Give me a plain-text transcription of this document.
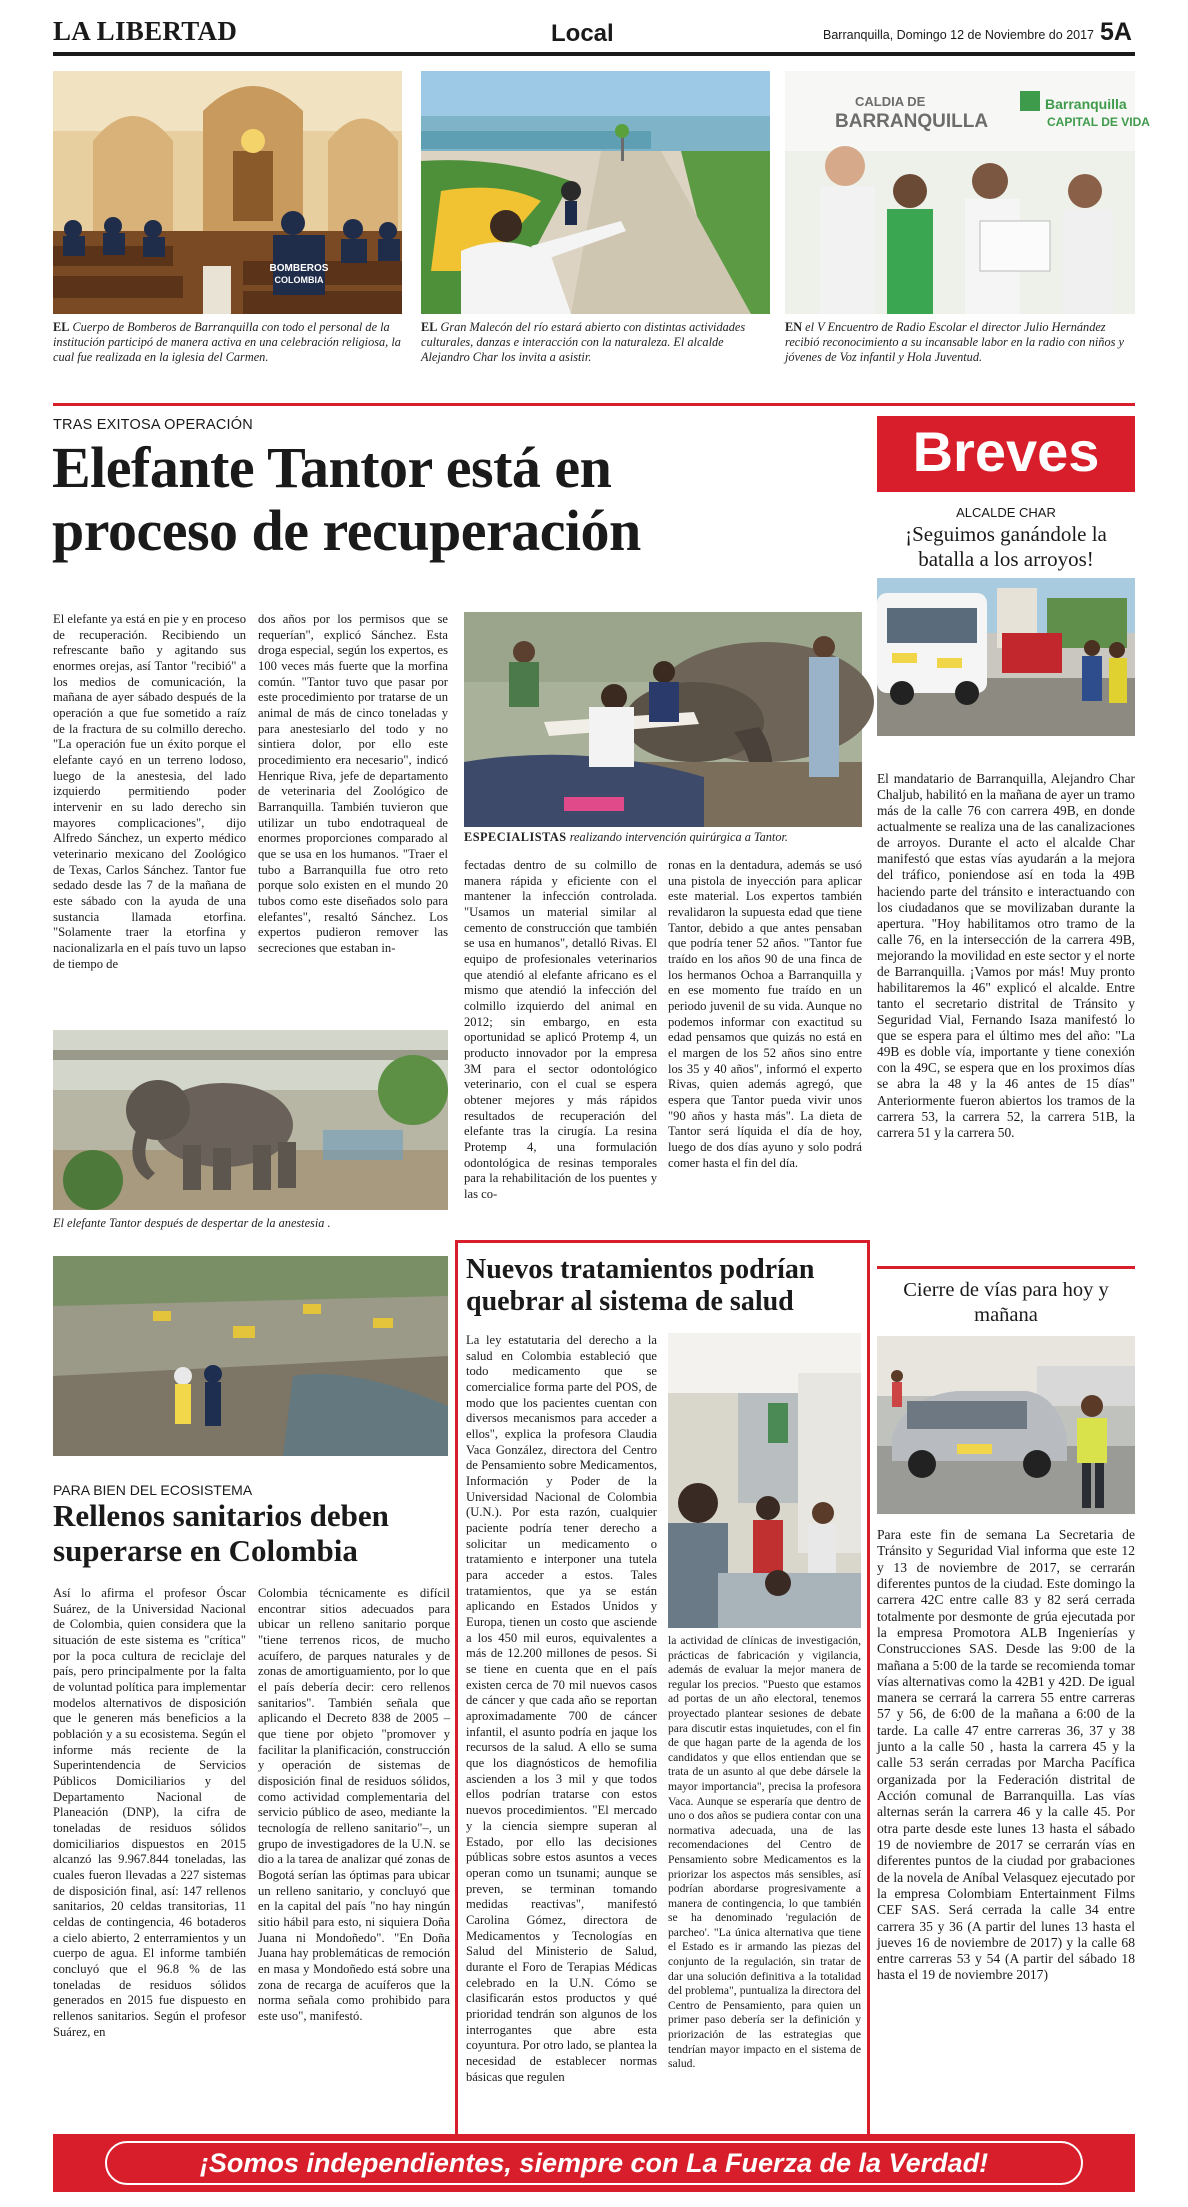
LA LIBERTAD	Local	Barranquilla, Domingo 12 de Noviembre do 2017 5A
BOMBEROS
COLOMBIA
CALDIA DE
BARRANQUILLA
Barranquilla
CAPITAL DE VIDA

EL Cuerpo de Bomberos de Barranquilla con todo el personal de la institución participó de manera activa en una celebración religiosa, la cual fue realizada en la iglesia del Carmen.

EL Gran Malecón del río estará abierto con distintas actividades culturales, danzas e interacción con la naturaleza. El alcalde Alejandro Char los invita a asistir.

EN el V Encuentro de Radio Escolar el director Julio Hernández recibió reconocimiento a su incansable labor en la radio con niños y jóvenes de Voz infantil y Hola Juventud.

TRAS EXITOSA OPERACIÓN
Elefante Tantor está en
proceso de recuperación

El elefante ya está en pie y en proceso de recuperación. Recibiendo un refrescante baño y agitando sus enormes orejas, así Tantor "recibió" a los medios de comunicación, la mañana de ayer sábado después de la operación a que fue sometido a raíz de la fractura de su colmillo derecho. "La operación fue un éxito porque el elefante cayó en un terreno lodoso, luego de la anestesia, del lado izquierdo permitiendo poder intervenir en su lado derecho sin mayores complicaciones", dijo Alfredo Sánchez, un experto médico veterinario mexicano del Zoológico de Texas, Carlos Sánchez. Tantor fue sedado desde las 7 de la mañana de este sábado con la ayuda de una sustancia llamada etorfina. "Solamente traer la etorfina y nacionalizarla en el país tuvo un lapso de tiempo de

dos años por los permisos que se requerían", explicó Sánchez. Esta droga especial, según los expertos, es 100 veces más fuerte que la morfina común. "Tantor tuvo que pasar por este procedimiento por tratarse de un animal de más de cinco toneladas y para anestesiarlo del todo y no sintiera dolor, por ello este procedimiento era necesario", indicó Henrique Riva, jefe de departamento de veterinaria del Zoológico de Barranquilla. También tuvieron que utilizar un tubo endotraqueal de enormes proporciones comparado al que se usa en los humanos. "Traer el tubo a Barranquilla fue otro reto porque solo existen en el mundo 20 tubos como este diseñados solo para elefantes", resaltó Sánchez. Los expertos pudieron remover las secreciones que estaban in-

ESPECIALISTAS realizando intervención quirúrgica a Tantor.

fectadas dentro de su colmillo de manera rápida y eficiente con el mantener la infección controlada. "Usamos un material similar al cemento de construcción que también se usa en humanos", detalló Rivas. El equipo de profesionales veterinarios que atendió al elefante africano es el mismo que atendió la infección del colmillo izquierdo del animal en 2012; sin embargo, en esta oportunidad se aplicó Protemp 4, un producto innovador por la empresa 3M para el sector odontológico veterinario, con el cual se espera obtener mejores y más rápidos resultados de recuperación del elefante tras la cirugía. La resina Protemp 4, una formulación odontológica de resinas temporales para la rehabilitación de los puentes y las co-

ronas en la dentadura, además se usó una pistola de inyección para aplicar este material. Los expertos también revalidaron la supuesta edad que tiene Tantor, debido a que antes pensaban que podría tener 52 años. "Tantor fue traído en los años 90 de una finca de los hermanos Ochoa a Barranquilla y en ese momento fue traído en un periodo juvenil de su vida. Aunque no podemos informar con exactitud su edad pensamos que quizás no está en el margen de los 52 años sino entre los 35 y 40 años", informó el experto Rivas, quien además agregó, que espera que Tantor pueda vivir unos "90 años y hasta más". La dieta de Tantor será líquida el día de hoy, luego de dos días ayuno y solo podrá comer hasta el fin del día.

El elefante Tantor después de despertar de la anestesia .

Breves
ALCALDE CHAR
¡Seguimos ganándole la batalla a los arroyos!

El mandatario de Barranquilla, Alejandro Char Chaljub, habilitó en la mañana de ayer un tramo más de la calle 76 con carrera 49B, en donde actualmente se realiza una de las canalizaciones de arroyos. Durante el acto el alcalde Char manifestó que estas vías ayudarán a la mejora del tráfico, poniendose así en toda la 49B haciendo parte del tránsito e interactuando con los ciudadanos que se movilizaban durante la apertura. "Hoy habilitamos otro tramo de la calle 76, en la intersección de la carrera 49B, mejorando la movilidad en este sector y el norte de Barranquilla. ¡Vamos por más! Muy pronto habilitaremos la 46" explicó el alcalde. Entre tanto el secretario distrital de Tránsito y Seguridad Vial, Fernando Isaza manifestó lo que se espera para el último mes del año: "La 49B es doble vía, importante y tiene conexión con la 49C, se espera que en los proximos días se abra la 48 y la 46 antes de 15 días" Anteriormente fueron abiertos los tramos de la carrera 53, la carrera 52, la carrera 51B, la carrera 51 y la carrera 50.

Cierre de vías para hoy y mañana

Para este fin de semana La Secretaria de Tránsito y Seguridad Vial informa que este 12 y 13 de noviembre de 2017, se cerrarán diferentes puntos de la ciudad. Este domingo la carrera 42C entre calle 83 y 82 será cerrada totalmente por desmonte de grúa ejecutada por la empresa Promotora ALB Ingenierías y Construcciones SAS. Desde las 9:00 de la mañana a 5:00 de la tarde se recomienda tomar vías alternativas como la 42B1 y 42D. De igual manera se cerrará la carrera 55 entre carreras 57 y 56, de 6:00 de la mañana a 6:00 de la tarde. La calle 47 entre carreras 36, 37 y 38 junto a la calle 50 , hasta la carrera 45 y la calle 53 serán cerradas por Marcha Pacífica organizada por la Federación distrital de Acción comunal de Barranquilla. Las vías alternas serán la carrera 46 y la calle 45. Por otra parte desde este lunes 13 hasta el sábado 19 de noviembre de 2017 se cerrarán vías en diferentes puntos de la ciudad por grabaciones de la novela de Aníbal Velasquez ejecutado por la empresa Colombiam Entertainment Films CEF SAS. Será cerrada la calle 34 entre carrera 35 y 36 (A partir del lunes 13 hasta el jueves 16 de noviembre de 2017) y la calle 68 entre carreras 53 y 54 (A partir del sábado 18 hasta el 19 de noviembre 2017)

PARA BIEN DEL ECOSISTEMA
Rellenos sanitarios deben superarse en Colombia

Así lo afirma el profesor Óscar Suárez, de la Universidad Nacional de Colombia, quien considera que la situación de este sistema es "crítica" por la poca cultura de reciclaje del país, pero principalmente por la falta de voluntad política para implementar modelos alternativos de disposición que le generen más beneficios a la población y a su ecosistema. Según el informe más reciente de la Superintendencia de Servicios Públicos Domiciliarios y del Departamento Nacional de Planeación (DNP), la cifra de toneladas de residuos sólidos domiciliarios dispuestos en 2015 alcanzó las 9.967.844 toneladas, las cuales fueron llevadas a 227 sistemas de disposición final, así: 147 rellenos sanitarios, 20 celdas transitorias, 11 celdas de contingencia, 46 botaderos a cielo abierto, 2 enterramientos y un cuerpo de agua. El informe también concluyó que el 96.8 % de las toneladas de residuos sólidos generados en 2015 fue dispuesto en rellenos sanitarios. Según el profesor Suárez, en

Colombia técnicamente es difícil encontrar sitios adecuados para ubicar un relleno sanitario porque "tiene terrenos ricos, de mucho acuífero, de parques naturales y de zonas de amortiguamiento, por lo que el país debería decir: cero rellenos sanitarios". También señala que aplicando el Decreto 838 de 2005 –que tiene por objeto "promover y facilitar la planificación, construcción y operación de sistemas de disposición final de residuos sólidos, como actividad complementaria del servicio público de aseo, mediante la tecnología de relleno sanitario"–, un grupo de investigadores de la U.N. se dio a la tarea de analizar qué zonas de Bogotá serían las óptimas para ubicar un relleno sanitario, y concluyó que en la capital del país "no hay ningún sitio hábil para esto, ni siquiera Doña Juana ni Mondoñedo". "En Doña Juana hay problemáticas de remoción en masa y Mondoñedo está sobre una zona de recarga de acuíferos que la norma señala como prohibido para este uso", manifestó.

Nuevos tratamientos podrían quebrar al sistema de salud

La ley estatutaria del derecho a la salud en Colombia estableció que todo medicamento que se comercialice forma parte del POS, de modo que los pacientes cuentan con diversos mecanismos para acceder a ellos", explica la profesora Claudia Vaca González, directora del Centro de Pensamiento sobre Medicamentos, Información y Poder de la Universidad Nacional de Colombia (U.N.). Por esta razón, cualquier paciente podría tener derecho a solicitar un medicamento o tratamiento e interponer una tutela para acceder a estos. Tales tratamientos, que ya se están aplicando en Estados Unidos y Europa, tienen un costo que asciende a los 450 mil euros, equivalentes a más de 12.200 millones de pesos. Si se tiene en cuenta que en el país existen cerca de 70 mil nuevos casos de cáncer y que cada año se reportan aproximadamente 700 de cáncer infantil, el asunto podría en jaque los recursos de la salud. A ello se suma que los diagnósticos de hemofilia ascienden a los 3 mil y que todos ellos podrían tratarse con estos nuevos procedimientos. "El mercado y la ciencia siempre superan al Estado, por ello las decisiones públicas sobre estos asuntos a veces operan como un tsunami; aunque se preven, se terminan tomando medidas reactivas", manifestó Carolina Gómez, directora de Medicamentos y Tecnologías en Salud del Ministerio de Salud, durante el Foro de Terapias Médicas celebrado en la U.N. Cómo se clasificarán estos productos y qué prioridad tendrán son algunos de los interrogantes que abre esta coyuntura. Por otro lado, se plantea la necesidad de establecer normas básicas que regulen

la actividad de clínicas de investigación, prácticas de fabricación y vigilancia, además de evaluar la mejor manera de regular los precios. "Puesto que estamos ad portas de un año electoral, tenemos proyectado plantear sesiones de debate para discutir estas inquietudes, con el fin de que hagan parte de la agenda de los candidatos y que ellos entiendan que se trata de un asunto al que debe dársele la mayor importancia", precisa la profesora Vaca. Aunque se esperaría que dentro de uno o dos años se pudiera contar con una normativa adecuada, una de las recomendaciones del Centro de Pensamiento sobre Medicamentos es la priorizar los aspectos más sensibles, así podrían abordarse progresivamente a manera de contingencia, lo que también se ha denominado 'regulación de parcheo'. "La única alternativa que tiene el Estado es ir armando las piezas del conjunto de la regulación, sin tratar de dar una solución definitiva a la totalidad del problema", puntualiza la directora del Centro de Pensamiento, para quien un primer paso debería ser la definición y priorización de las estrategias que tendrían mayor impacto en el sistema de salud.

¡Somos independientes, siempre con La Fuerza de la Verdad!
